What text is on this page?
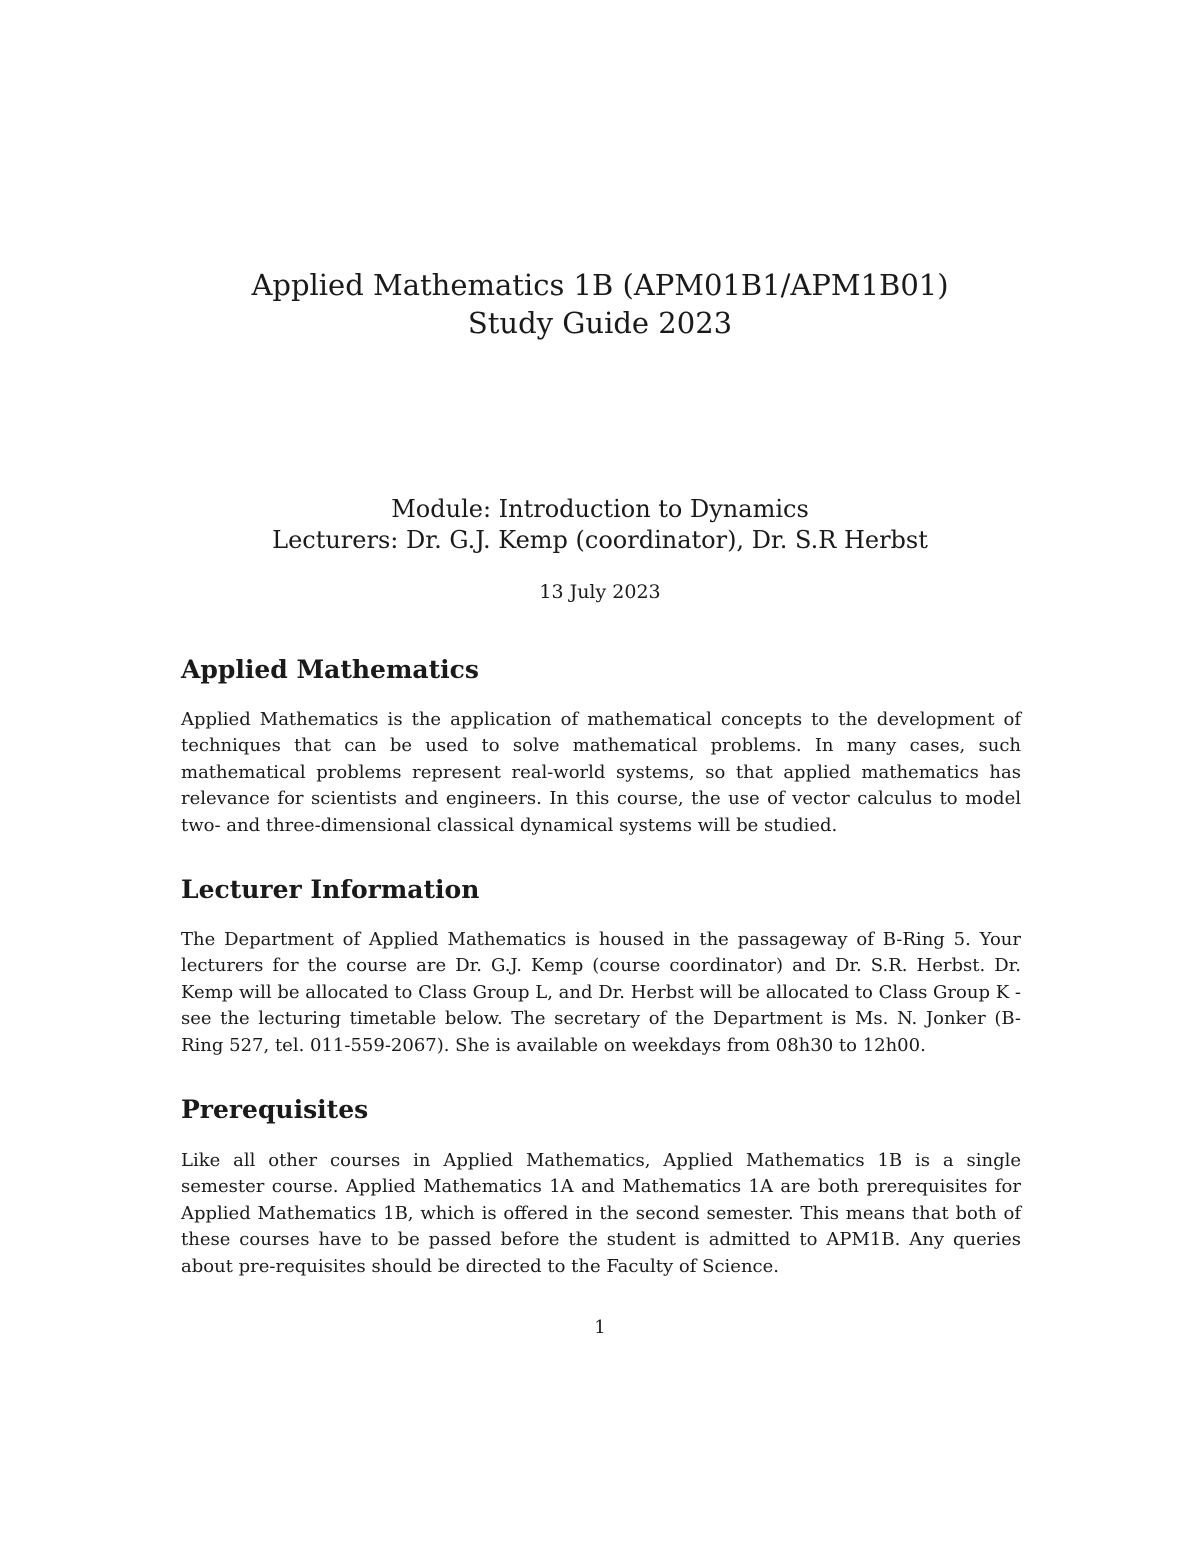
Applied Mathematics 1B (APM01B1/APM1B01)
Study Guide 2023
Module: Introduction to Dynamics
Lecturers: Dr. G.J. Kemp (coordinator), Dr. S.R Herbst
13 July 2023
Applied Mathematics

Applied Mathematics is the application of mathematical concepts to the development of techniques that can be used to solve mathematical problems. In many cases, such mathematical problems represent real-world systems, so that applied mathematics has relevance for scientists and engineers. In this course, the use of vector calculus to model two- and three-dimensional classical dynamical systems will be studied.

Lecturer Information

The Department of Applied Mathematics is housed in the passageway of B-Ring 5. Your lecturers for the course are Dr. G.J. Kemp (course coordinator) and Dr. S.R. Herbst. Dr. Kemp will be allocated to Class Group L, and Dr. Herbst will be allocated to Class Group K - see the lecturing timetable below. The secretary of the Department is Ms. N. Jonker (B-Ring 527, tel. 011-559-2067). She is available on weekdays from 08h30 to 12h00.

Prerequisites

Like all other courses in Applied Mathematics, Applied Mathematics 1B is a single semester course. Applied Mathematics 1A and Mathematics 1A are both prerequisites for Applied Mathematics 1B, which is offered in the second semester. This means that both of these courses have to be passed before the student is admitted to APM1B. Any queries about pre-requisites should be directed to the Faculty of Science.

1
